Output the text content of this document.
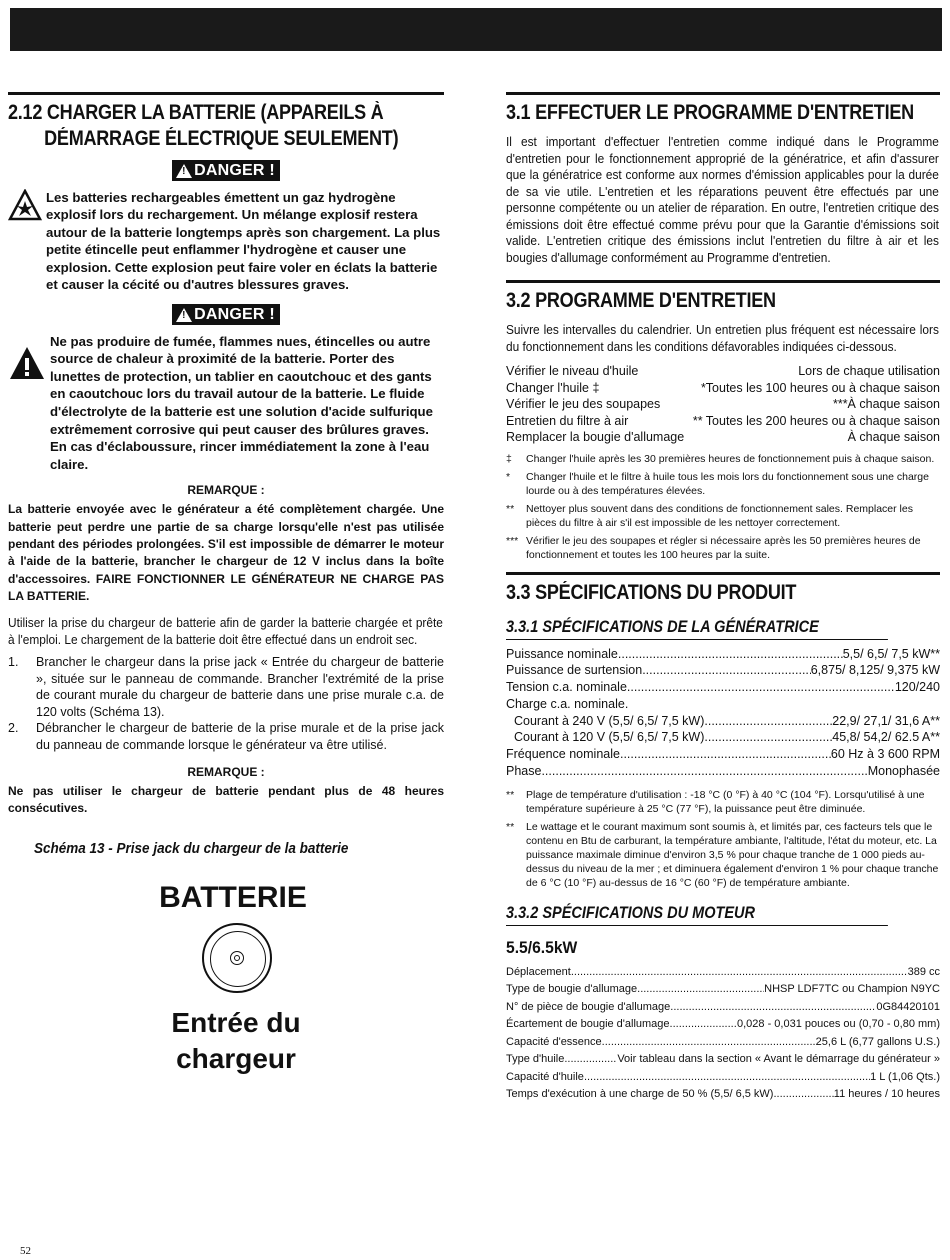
2.12 CHARGER LA BATTERIE (APPAREILS À
DÉMARRAGE ÉLECTRIQUE SEULEMENT)
!
DANGER !
Les batteries rechargeables émettent un gaz hydrogène explosif lors du rechargement. Un mélange explosif restera autour de la batterie longtemps après son chargement. La plus petite étincelle peut enflammer l'hydrogène et causer une explosion. Cette explosion peut faire voler en éclats la batterie et causer la cécité ou d'autres blessures graves.
!
DANGER !
Ne pas produire de fumée, flammes nues, étincelles ou autre source de chaleur à proximité de la batterie. Porter des lunettes de protection, un tablier en caoutchouc et des gants en caoutchouc lors du travail autour de la batterie. Le fluide d'électrolyte de la batterie est une solution d'acide sulfurique extrêmement corrosive qui peut causer des brûlures graves. En cas d'éclaboussure, rincer immédiatement la zone à l'eau claire.
REMARQUE :
La batterie envoyée avec le générateur a été complètement chargée. Une batterie peut perdre une partie de sa charge lorsqu'elle n'est pas utilisée pendant des périodes prolongées. S'il est impossible de démarrer le moteur à l'aide de la batterie, brancher le chargeur de 12 V inclus dans la boîte d'accessoires. FAIRE FONCTIONNER LE GÉNÉRATEUR NE CHARGE PAS LA BATTERIE.
Utiliser la prise du chargeur de batterie afin de garder la batterie chargée et prête à l'emploi. Le chargement de la batterie doit être effectué dans un endroit sec.
1.	Brancher le chargeur dans la prise jack « Entrée du chargeur de batterie », située sur le panneau de commande. Brancher l'extrémité de la prise de courant murale du chargeur de batterie dans une prise murale c.a. de 120 volts (Schéma 13).
2.	Débrancher le chargeur de batterie de la prise murale et de la prise jack du panneau de commande lorsque le générateur va être utilisé.
REMARQUE :
Ne pas utiliser le chargeur de batterie pendant plus de 48 heures consécutives.
Schéma 13 - Prise jack du chargeur de la batterie
BATTERIE
Entrée du
chargeur
3.1 EFFECTUER LE PROGRAMME D'ENTRETIEN
Il est important d'effectuer l'entretien comme indiqué dans le Programme d'entretien pour le fonctionnement approprié de la génératrice, et afin d'assurer que la génératrice est conforme aux normes d'émission applicables pour la durée de sa vie utile. L'entretien et les réparations peuvent être effectués par une personne compétente ou un atelier de réparation. En outre, l'entretien critique des émissions doit être effectué comme prévu pour que la Garantie d'émissions soit valide. L'entretien critique des émissions inclut l'entretien du filtre à air et les bougies d'allumage conformément au Programme d'entretien.
3.2 PROGRAMME D'ENTRETIEN
Suivre les intervalles du calendrier. Un entretien plus fréquent est nécessaire lors du fonctionnement dans les conditions défavorables indiquées ci-dessous.
Vérifier le niveau d'huile	Lors de chaque utilisation
Changer l'huile ‡	*Toutes les 100 heures ou à chaque saison
Vérifier le jeu des soupapes	***À chaque saison
Entretien du filtre à air	** Toutes les 200 heures ou à chaque saison
Remplacer la bougie d'allumage	À chaque saison
‡	Changer l'huile après les 30 premières heures de fonctionnement puis à chaque saison.
*	Changer l'huile et le filtre à huile tous les mois lors du fonctionnement sous une charge lourde ou à des températures élevées.
**	Nettoyer plus souvent dans des conditions de fonctionnement sales. Remplacer les pièces du filtre à air s'il est impossible de les nettoyer correctement.
*** Vérifier le jeu des soupapes et régler si nécessaire après les 50 premières heures de fonctionnement et toutes les 100 heures par la suite.
3.3 SPÉCIFICATIONS DU PRODUIT
3.3.1 SPÉCIFICATIONS DE LA GÉNÉRATRICE
Puissance nominale .....	5,5/ 6,5/ 7,5 kW**
Puissance de surtension .....	6,875/ 8,125/ 9,375 kW
Tension c.a. nominale .....	120/240
Charge c.a. nominale.
Courant à 240 V (5,5/ 6,5/ 7,5 kW) .....	22,9/ 27,1/ 31,6 A**
Courant à 120 V (5,5/ 6,5/ 7,5 kW) .....	45,8/ 54,2/ 62.5 A**
Fréquence nominale .....	60 Hz à 3 600 RPM
Phase .....	Monophasée
**	Plage de température d'utilisation : -18 °C (0 °F) à 40 °C (104 °F). Lorsqu'utilisé à une température supérieure à 25 °C (77 °F), la puissance peut être diminuée.
**	Le wattage et le courant maximum sont soumis à, et limités par, ces facteurs tels que le contenu en Btu de carburant, la température ambiante, l'altitude, l'état du moteur, etc. La puissance maximale diminue d'environ 3,5 % pour chaque tranche de 1 000 pieds au-dessus du niveau de la mer ; et diminuera également d'environ 1 % pour chaque tranche de 6 °C (10 °F) au-dessus de 16 °C (60 °F) de température ambiante.
3.3.2 SPÉCIFICATIONS DU MOTEUR
5.5/6.5kW
Déplacement .....	389 cc
Type de bougie d'allumage .....	NHSP LDF7TC ou Champion N9YC
N° de pièce de bougie d'allumage .....	0G84420101
Écartement de bougie d'allumage .....	0,028 - 0,031 pouces ou (0,70 - 0,80 mm)
Capacité d'essence .....	25,6 L (6,77 gallons U.S.)
Type d'huile .....	Voir tableau dans la section « Avant le démarrage du générateur »
Capacité d'huile .....	1 L (1,06 Qts.)
Temps d'exécution à une charge de 50 % (5,5/ 6,5 kW) .....	11 heures / 10 heures
52
